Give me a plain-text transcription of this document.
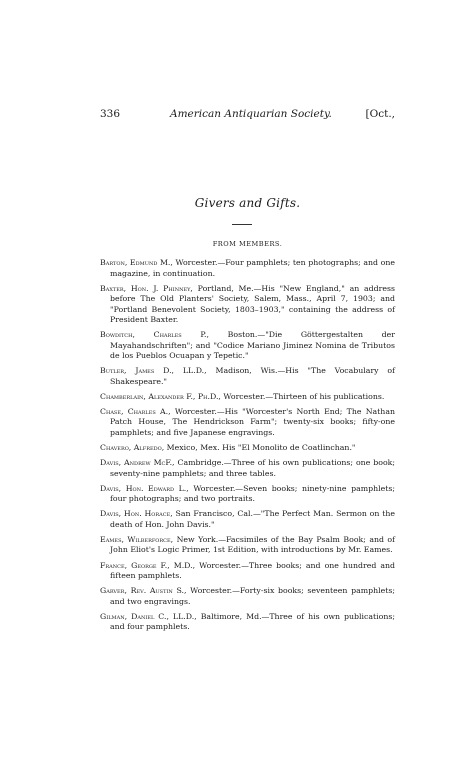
336	American Antiquarian Society.	[Oct.,
Givers and Gifts.
FROM MEMBERS.

Barton, Edmund M., Worcester.—Four pamphlets; ten photographs; and one magazine, in continuation.

Baxter, Hon. J. Phinney, Portland, Me.—His "New England," an address before The Old Planters' Society, Salem, Mass., April 7, 1903; and "Portland Benevolent Society, 1803–1903," containing the address of President Baxter.

Bowditch, Charles P., Boston.—"Die Göttergestalten der Mayahandschriften"; and "Codice Mariano Jiminez Nomina de Tributos de los Pueblos Ocuapan y Tepetic."

Butler, James D., LL.D., Madison, Wis.—His "The Vocabulary of Shakespeare."

Chamberlain, Alexander F., Ph.D., Worcester.—Thirteen of his publications.

Chase, Charles A., Worcester.—His "Worcester's North End; The Nathan Patch House, The Hendrickson Farm"; twenty-six books; fifty-one pamphlets; and five Japanese engravings.

Chavero, Alfredo, Mexico, Mex. His "El Monolito de Coatlinchan."

Davis, Andrew McF., Cambridge.—Three of his own publications; one book; seventy-nine pamphlets; and three tables.

Davis, Hon. Edward L., Worcester.—Seven books; ninety-nine pamphlets; four photographs; and two portraits.

Davis, Hon. Horace, San Francisco, Cal.—"The Perfect Man. Sermon on the death of Hon. John Davis."

Eames, Wilberforce, New York.—Facsimiles of the Bay Psalm Book; and of John Eliot's Logic Primer, 1st Edition, with introductions by Mr. Eames.

France, George F., M.D., Worcester.—Three books; and one hundred and fifteen pamphlets.

Garver, Rev. Austin S., Worcester.—Forty-six books; seventeen pamphlets; and two engravings.

Gilman, Daniel C., LL.D., Baltimore, Md.—Three of his own publications; and four pamphlets.
